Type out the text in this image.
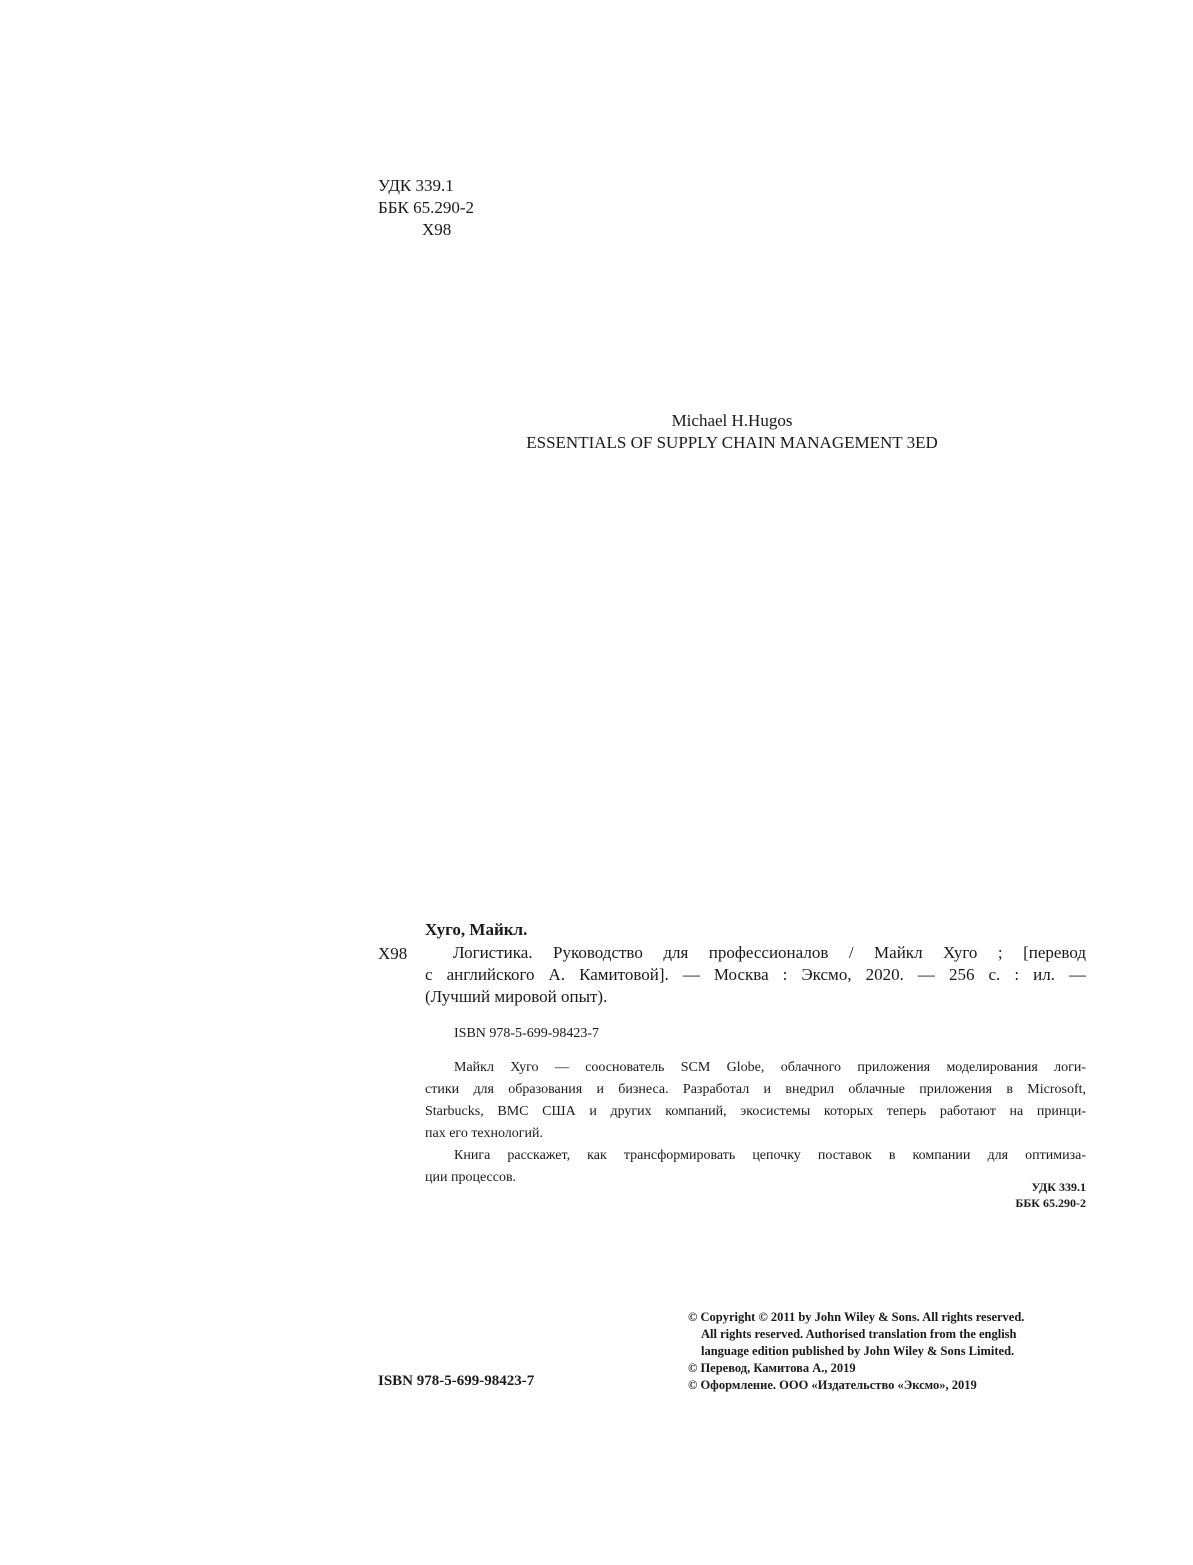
УДК 339.1
ББК 65.290-2
Х98
Michael H.Hugos
ESSENTIALS OF SUPPLY CHAIN MANAGEMENT 3ED
Хуго, Майкл.
Х98	Логистика. Руководство для профессионалов / Майкл Хуго ; [перевод
с английского А. Камитовой]. — Москва : Эксмо, 2020. — 256 с. : ил. —
(Лучший мировой опыт).
ISBN 978-5-699-98423-7
Майкл Хуго — сооснователь SCM Globe, облачного приложения моделирования логи-
стики для образования и бизнеса. Разработал и внедрил облачные приложения в Microsoft,
Starbucks, ВМС США и других компаний, экосистемы которых теперь работают на принци-
пах его технологий.
Книга расскажет, как трансформировать цепочку поставок в компании для оптимиза-
ции процессов.
УДК 339.1
ББК 65.290-2
ISBN 978-5-699-98423-7
© Copyright © 2011 by John Wiley & Sons. All rights reserved.
All rights reserved. Authorised translation from the english
language edition published by John Wiley & Sons Limited.
© Перевод, Камитова А., 2019
© Оформление. ООО «Издательство «Эксмо», 2019
